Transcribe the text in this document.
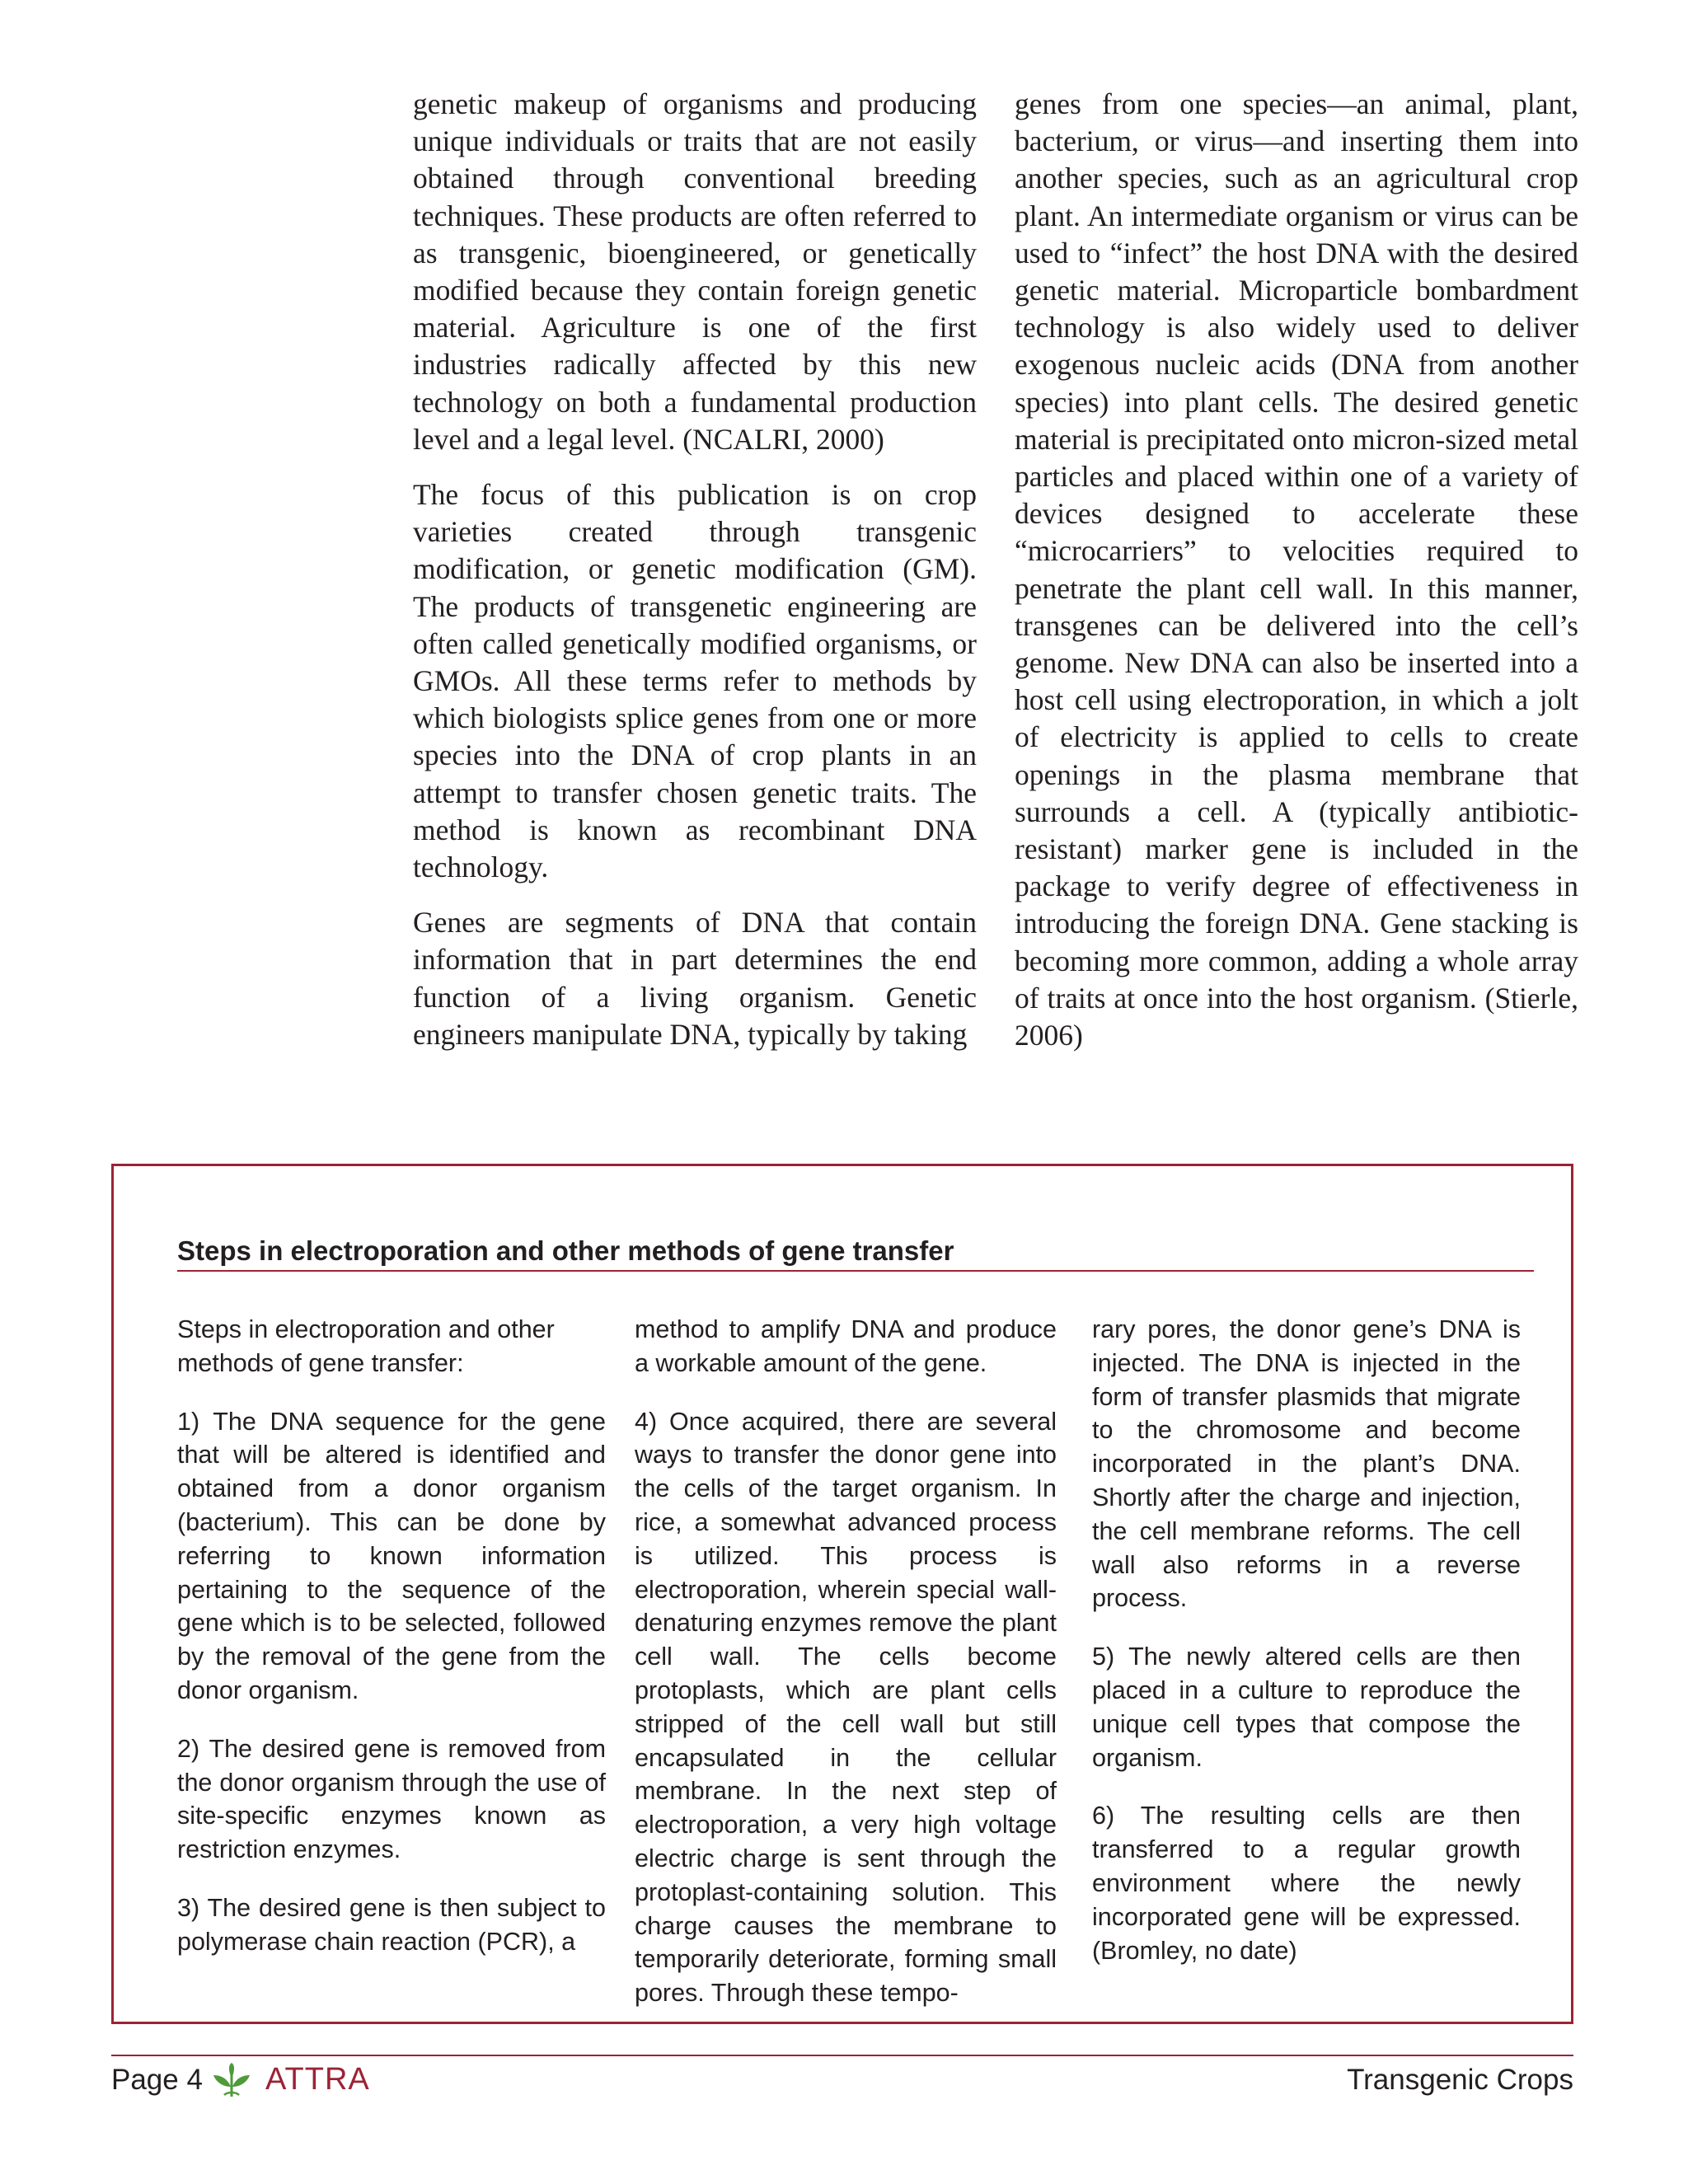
genetic makeup of organisms and producing unique individuals or traits that are not easily obtained through conventional breeding techniques. These products are often referred to as transgenic, bioengineered, or genetically modified because they contain foreign genetic material. Agriculture is one of the first industries radically affected by this new technology on both a fundamental production level and a legal level. (NCALRI, 2000)

The focus of this publication is on crop varieties created through transgenic modification, or genetic modification (GM). The products of transgenetic engineering are often called genetically modified organisms, or GMOs. All these terms refer to methods by which biologists splice genes from one or more species into the DNA of crop plants in an attempt to transfer chosen genetic traits. The method is known as recombinant DNA technology.

Genes are segments of DNA that contain information that in part determines the end function of a living organism. Genetic engineers manipulate DNA, typically by taking

genes from one species—an animal, plant, bacterium, or virus—and inserting them into another species, such as an agricultural crop plant. An intermediate organism or virus can be used to “infect” the host DNA with the desired genetic material. Microparticle bombardment technology is also widely used to deliver exogenous nucleic acids (DNA from another species) into plant cells. The desired genetic material is precipitated onto micron-sized metal particles and placed within one of a variety of devices designed to accelerate these “microcarriers” to velocities required to penetrate the plant cell wall. In this manner, transgenes can be delivered into the cell’s genome. New DNA can also be inserted into a host cell using electroporation, in which a jolt of electricity is applied to cells to create openings in the plasma membrane that surrounds a cell. A (typically antibiotic-resistant) marker gene is included in the package to verify degree of effectiveness in introducing the foreign DNA. Gene stacking is becoming more common, adding a whole array of traits at once into the host organism. (Stierle, 2006)

Steps in electroporation and other methods of gene transfer

Steps in electroporation and other methods of gene transfer:

1) The DNA sequence for the gene that will be altered is identified and obtained from a donor organism (bacterium). This can be done by referring to known information pertaining to the sequence of the gene which is to be selected, followed by the removal of the gene from the donor organism.

2) The desired gene is removed from the donor organism through the use of site-specific enzymes known as restriction enzymes.

3) The desired gene is then subject to polymerase chain reaction (PCR), a

method to amplify DNA and produce a workable amount of the gene.

4) Once acquired, there are several ways to transfer the donor gene into the cells of the target organism. In rice, a somewhat advanced process is utilized. This process is electroporation, wherein special wall-denaturing enzymes remove the plant cell wall. The cells become protoplasts, which are plant cells stripped of the cell wall but still encapsulated in the cellular membrane. In the next step of electroporation, a very high voltage electric charge is sent through the protoplast-containing solution. This charge causes the membrane to temporarily deteriorate, forming small pores. Through these tempo-

rary pores, the donor gene’s DNA is injected. The DNA is injected in the form of transfer plasmids that migrate to the chromosome and become incorporated in the plant’s DNA. Shortly after the charge and injection, the cell membrane reforms. The cell wall also reforms in a reverse process.

5) The newly altered cells are then placed in a culture to reproduce the unique cell types that compose the organism.

6) The resulting cells are then transferred to a regular growth environment where the newly incorporated gene will be expressed. (Bromley, no date)

Page 4 ATTRA	Transgenic Crops
